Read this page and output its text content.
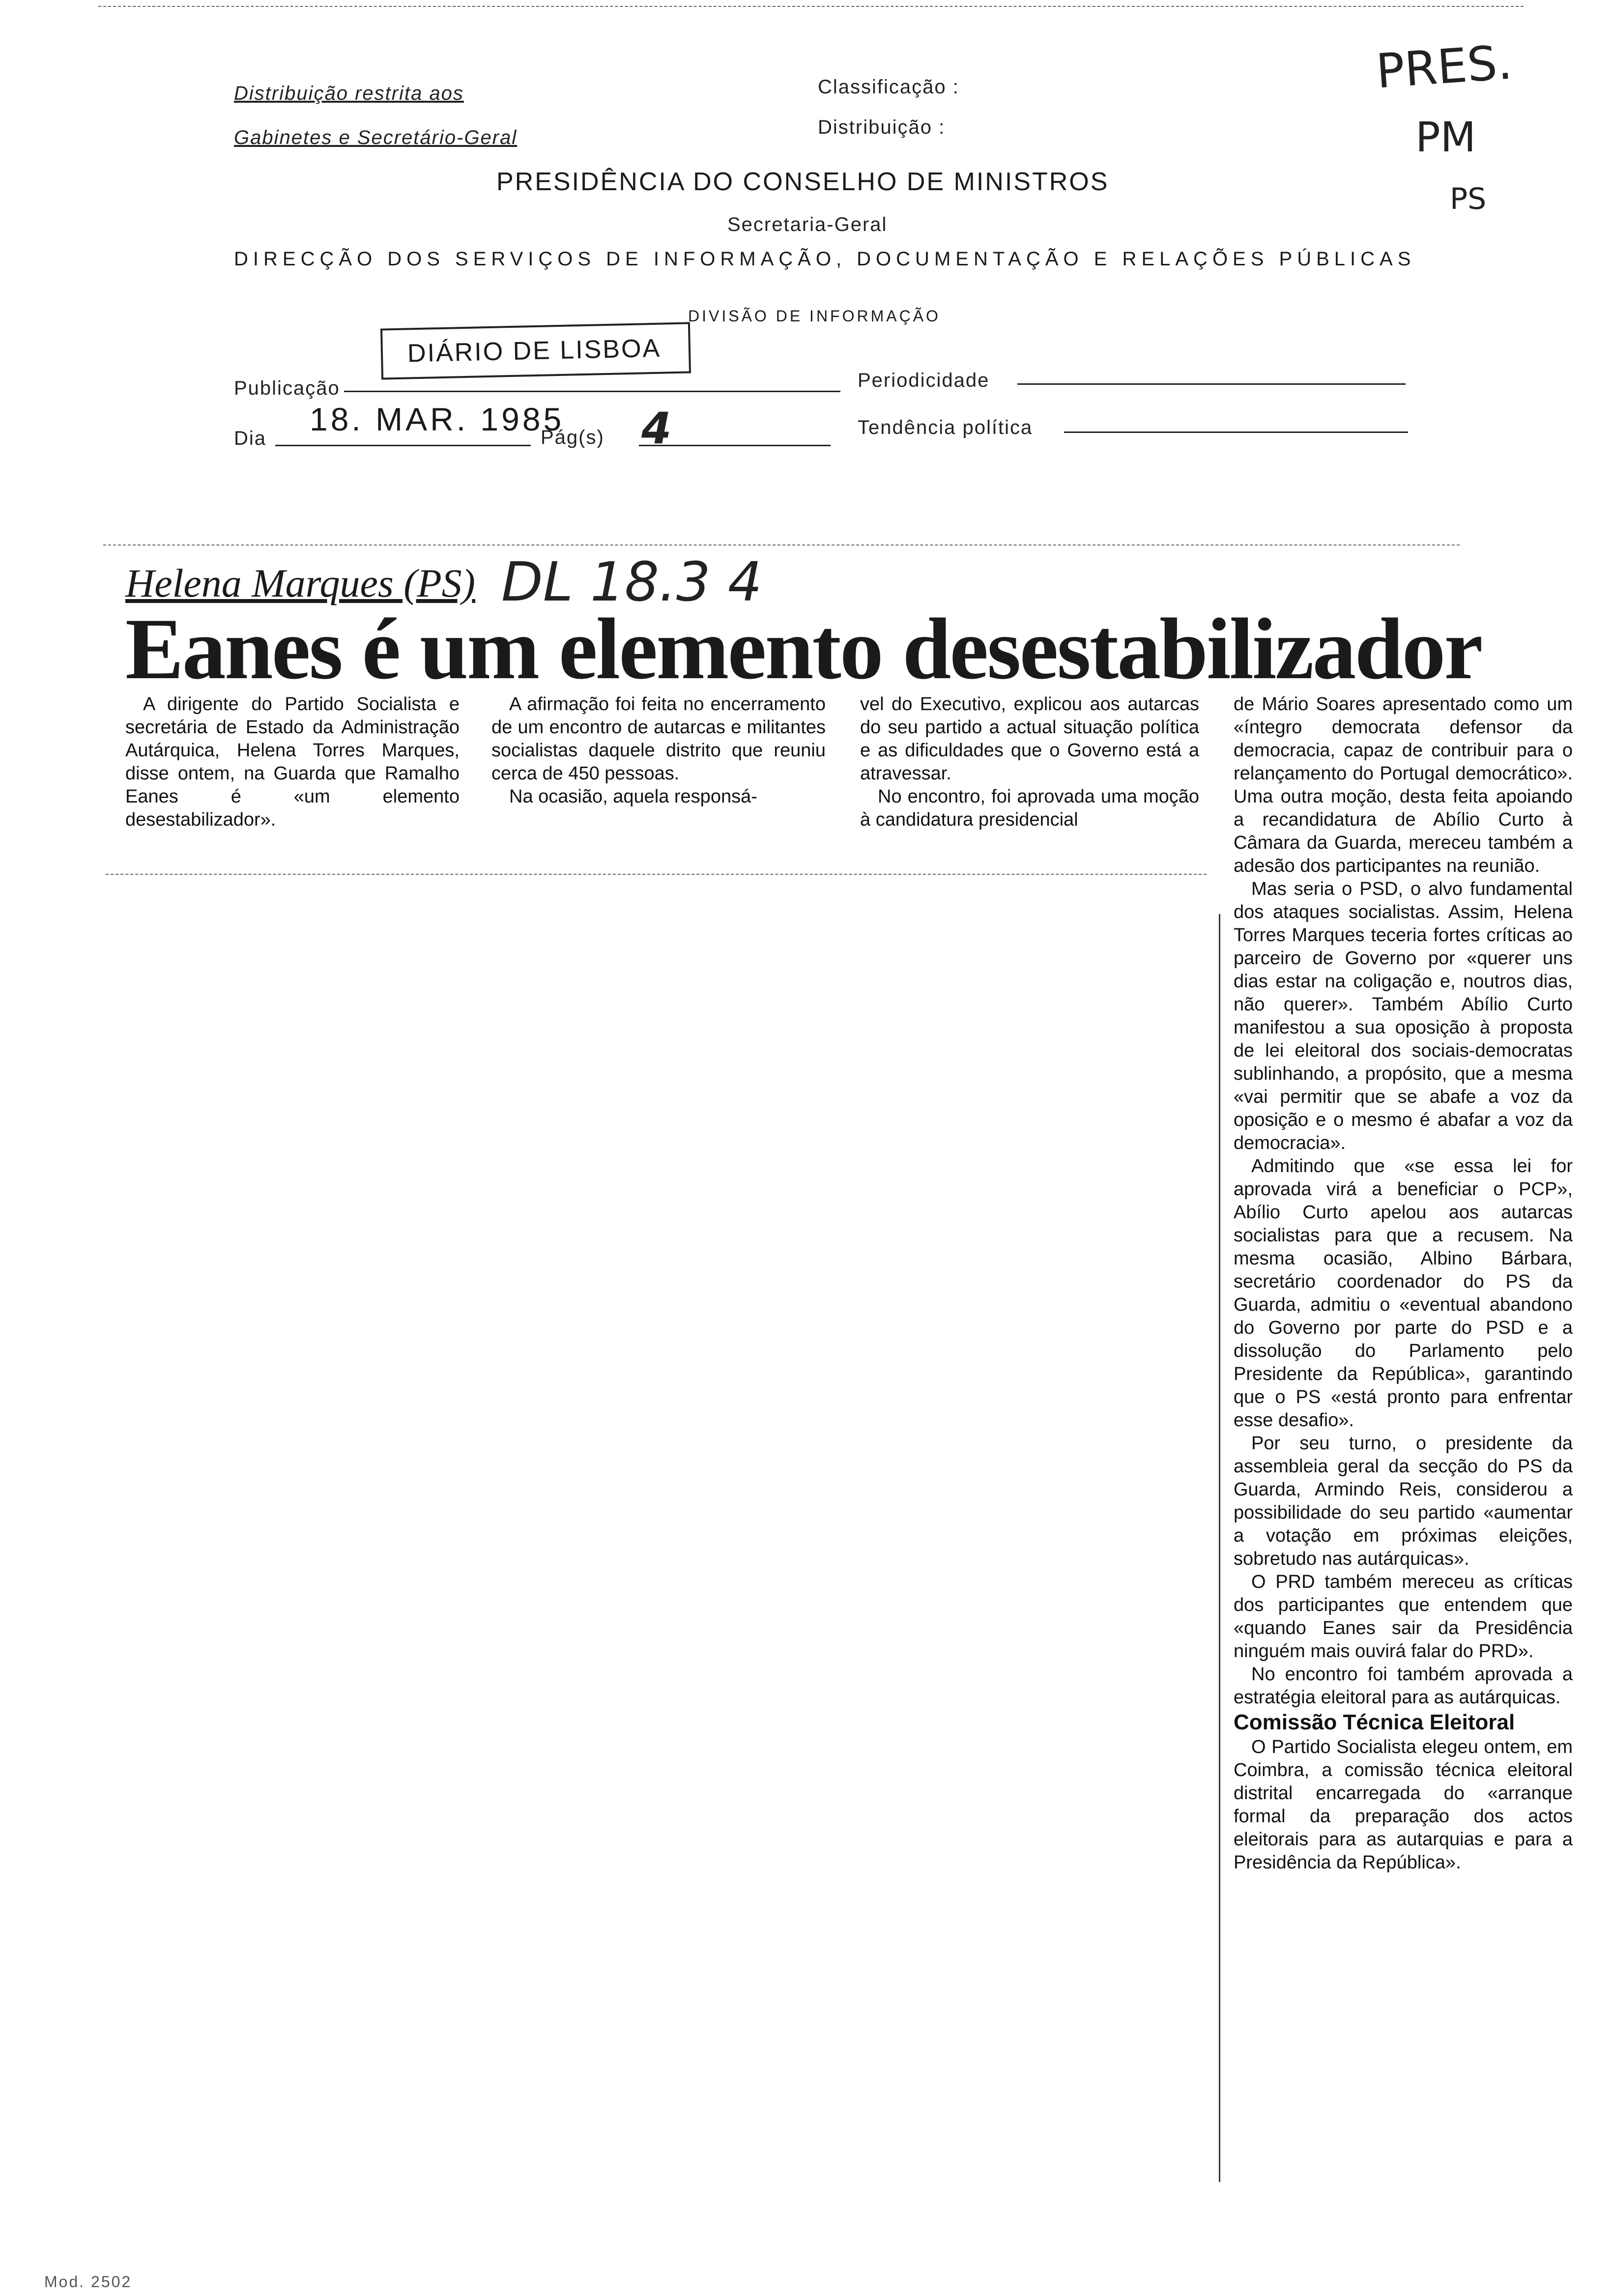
Distribuição restrita aos
Gabinetes e Secretário-Geral
Classificação :
Distribuição :
PRES.
PM
PS
PRESIDÊNCIA DO CONSELHO DE MINISTROS
Secretaria-Geral
DIRECÇÃO DOS SERVIÇOS DE INFORMAÇÃO, DOCUMENTAÇÃO E RELAÇÕES PÚBLICAS
DIVISÃO DE INFORMAÇÃO
DIÁRIO DE LISBOA
Publicação	Periodicidade
Dia
18. MAR. 1985
Pág(s) 4	Tendência política
Helena Marques (PS) DL 18.3 4
Eanes é um elemento desestabilizador

A dirigente do Partido Socialista e secretária de Estado da Administração Autárquica, Helena Torres Marques, disse ontem, na Guarda que Ramalho Eanes é «um elemento desestabilizador».

A afirmação foi feita no encerramento de um encontro de autarcas e militantes socialistas daquele distrito que reuniu cerca de 450 pessoas.

Na ocasião, aquela responsá-

vel do Executivo, explicou aos autarcas do seu partido a actual situação política e as dificuldades que o Governo está a atravessar.

No encontro, foi aprovada uma moção à candidatura presidencial

de Mário Soares apresentado como um «íntegro democrata defensor da democracia, capaz de contribuir para o relançamento do Portugal democrático». Uma outra moção, desta feita apoiando a recandidatura de Abílio Curto à Câmara da Guarda, mereceu também a adesão dos participantes na reunião.

Mas seria o PSD, o alvo fundamental dos ataques socialistas. Assim, Helena Torres Marques teceria fortes críticas ao parceiro de Governo por «querer uns dias estar na coligação e, noutros dias, não querer». Também Abílio Curto manifestou a sua oposição à proposta de lei eleitoral dos sociais-democratas sublinhando, a propósito, que a mesma «vai permitir que se abafe a voz da oposição e o mesmo é abafar a voz da democracia».

Admitindo que «se essa lei for aprovada virá a beneficiar o PCP», Abílio Curto apelou aos autarcas socialistas para que a recusem. Na mesma ocasião, Albino Bárbara, secretário coordenador do PS da Guarda, admitiu o «eventual abandono do Governo por parte do PSD e a dissolução do Parlamento pelo Presidente da República», garantindo que o PS «está pronto para enfrentar esse desafio».

Por seu turno, o presidente da assembleia geral da secção do PS da Guarda, Armindo Reis, considerou a possibilidade do seu partido «aumentar a votação em próximas eleições, sobretudo nas autárquicas».

O PRD também mereceu as críticas dos participantes que entendem que «quando Eanes sair da Presidência ninguém mais ouvirá falar do PRD».

No encontro foi também aprovada a estratégia eleitoral para as autárquicas.

Comissão Técnica Eleitoral

O Partido Socialista elegeu ontem, em Coimbra, a comissão técnica eleitoral distrital encarregada do «arranque formal da preparação dos actos eleitorais para as autarquias e para a Presidência da República».

Mod. 2502
